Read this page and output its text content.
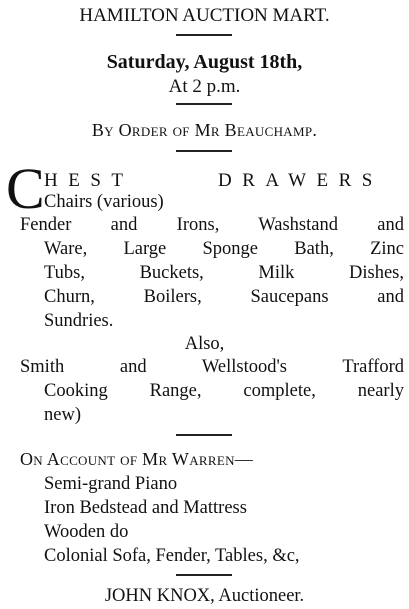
HAMILTON AUCTION MART.
Saturday, August 18th,
At 2 p.m.
By Order of Mr Beauchamp.
C HEST	DRAWERS
Chairs (various)
Fender and Irons, Washstand and
Ware, Large Sponge Bath, Zinc
Tubs, Buckets, Milk Dishes,
Churn, Boilers, Saucepans and
Sundries.
Also,
Smith and Wellstood's Trafford
Cooking Range, complete, nearly
new)
On Account of Mr Warren—
Semi-grand Piano
Iron Bedstead and Mattress
Wooden do
Colonial Sofa, Fender, Tables, &c,
JOHN KNOX, Auctioneer.
